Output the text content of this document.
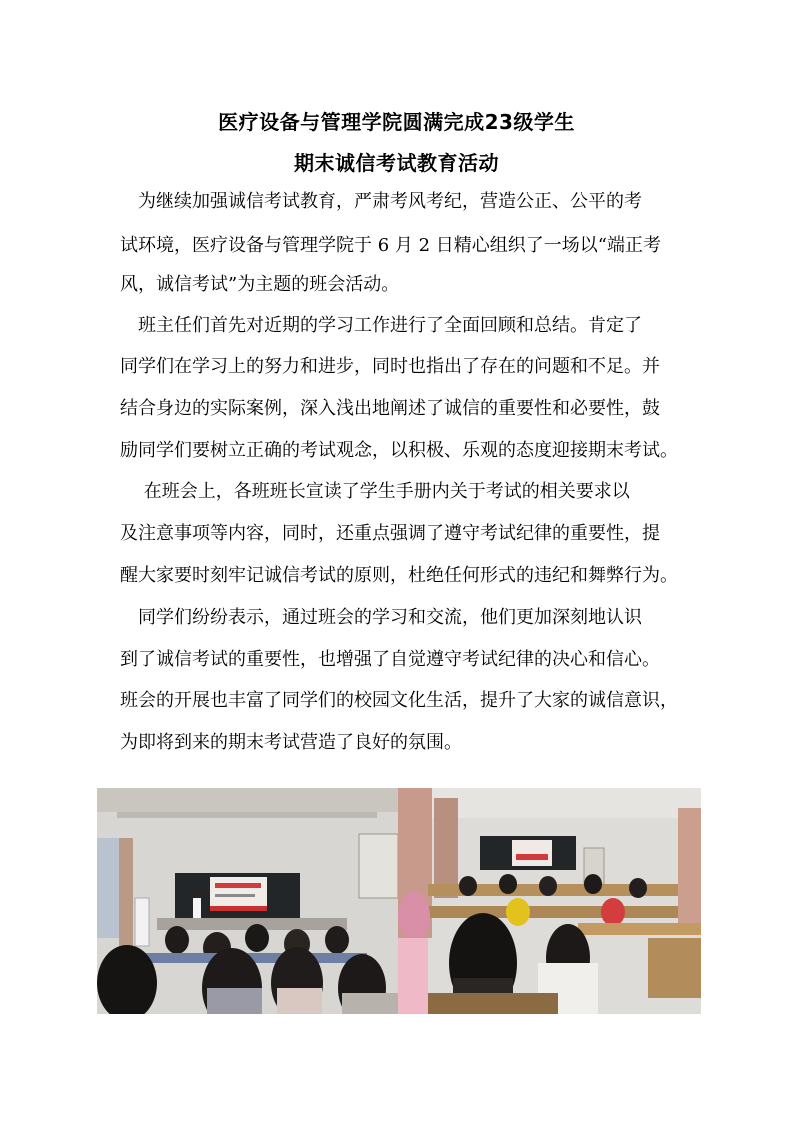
医疗设备与管理学院圆满完成23级学生
期末诚信考试教育活动
　为继续加强诚信考试教育，严肃考风考纪，营造公正、公平的考
试环境，医疗设备与管理学院于 6 月 2 日精心组织了一场以“端正考
风，诚信考试”为主题的班会活动。
　班主任们首先对近期的学习工作进行了全面回顾和总结。肯定了
同学们在学习上的努力和进步，同时也指出了存在的问题和不足。并
结合身边的实际案例，深入浅出地阐述了诚信的重要性和必要性，鼓
励同学们要树立正确的考试观念，以积极、乐观的态度迎接期末考试。
　 在班会上，各班班长宣读了学生手册内关于考试的相关要求以
及注意事项等内容，同时，还重点强调了遵守考试纪律的重要性，提
醒大家要时刻牢记诚信考试的原则，杜绝任何形式的违纪和舞弊行为。
　同学们纷纷表示，通过班会的学习和交流，他们更加深刻地认识
到了诚信考试的重要性，也增强了自觉遵守考试纪律的决心和信心。
班会的开展也丰富了同学们的校园文化生活，提升了大家的诚信意识，
为即将到来的期末考试营造了良好的氛围。
